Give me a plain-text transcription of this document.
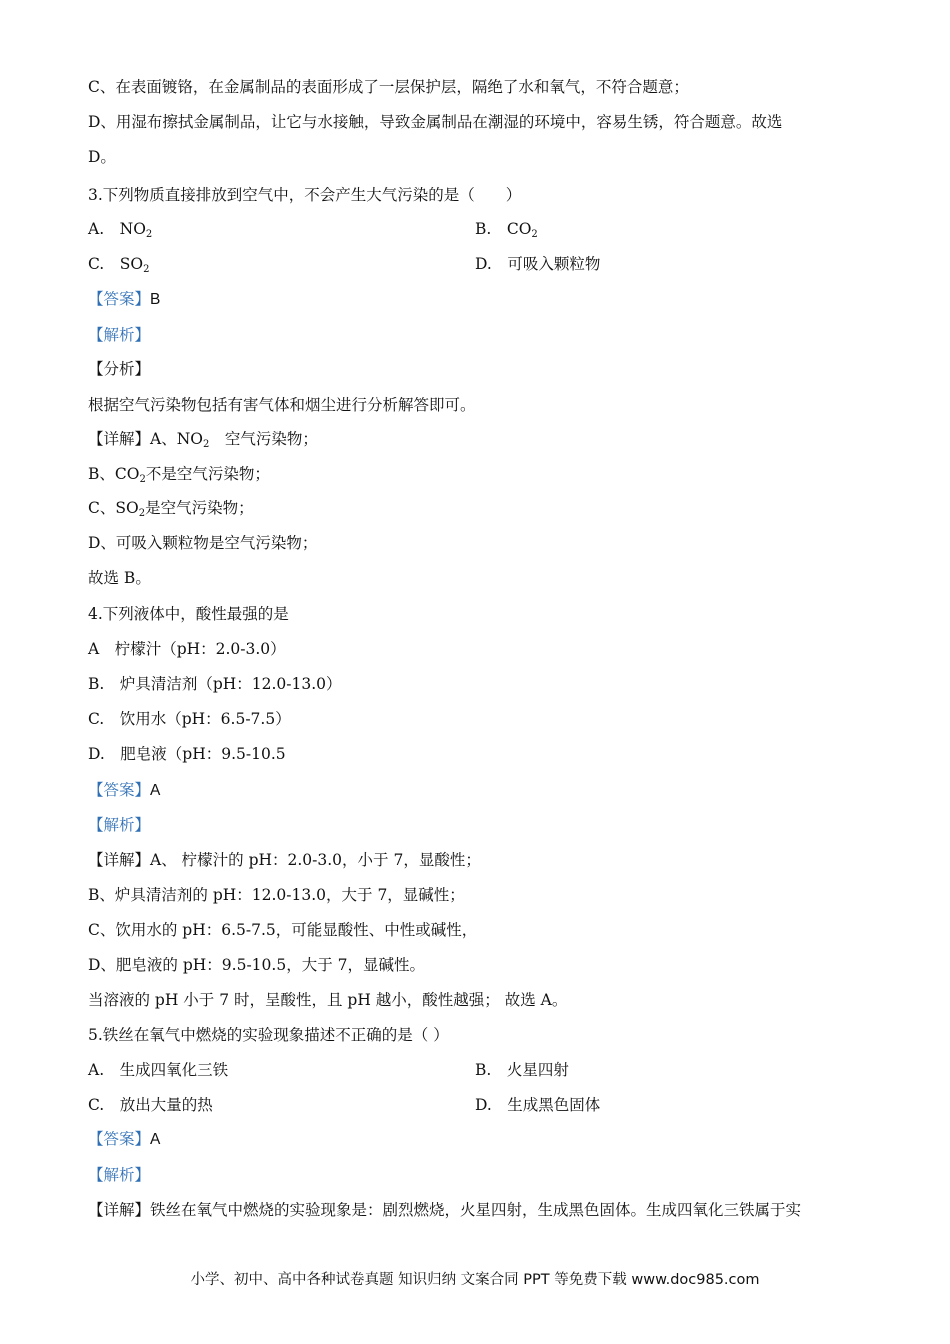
C、在表面镀铬，在金属制品的表面形成了一层保护层，隔绝了水和氧气，不符合题意；
D、用湿布擦拭金属制品，让它与水接触，导致金属制品在潮湿的环境中，容易生锈，符合题意。故选
D。
3.下列物质直接排放到空气中，不会产生大气污染的是（　　）
A.　 $NO_2$	B.　 $CO_2$
C.　 $SO_2$	D.　 可吸入颗粒物
【答案】B
【解析】
【分析】
根据空气污染物包括有害气体和烟尘进行分析解答即可。
【详解】A、$NO_2$　空气污染物；
B、$CO_2$不是空气污染物；
C、$SO_2$是空气污染物；
D、可吸入颗粒物是空气污染物；
故选 B。
4.下列液体中，酸性最强的是
A　柠檬汁（pH：2.0-3.0）
B.　炉具清洁剂（pH：12.0-13.0）
C.　饮用水（pH：6.5-7.5）
D.　肥皂液（pH：9.5-10.5
【答案】A
【解析】
【详解】A、 柠檬汁的 pH：2.0-3.0，小于 7，显酸性；
B、炉具清洁剂的 pH：12.0-13.0，大于 7，显碱性；
C、饮用水的 pH：6.5-7.5，可能显酸性、中性或碱性，
D、肥皂液的 pH：9.5-10.5，大于 7，显碱性。
当溶液的 pH 小于 7 时，呈酸性，且 pH 越小，酸性越强； 故选 A。
5.铁丝在氧气中燃烧的实验现象描述不正确的是（ ）
A.　生成四氧化三铁	B.　火星四射
C.　放出大量的热	D.　生成黑色固体
【答案】A
【解析】
【详解】铁丝在氧气中燃烧的实验现象是：剧烈燃烧，火星四射，生成黑色固体。生成四氧化三铁属于实
小学、初中、高中各种试卷真题 知识归纳 文案合同 PPT 等免费下载 www.doc985.com
